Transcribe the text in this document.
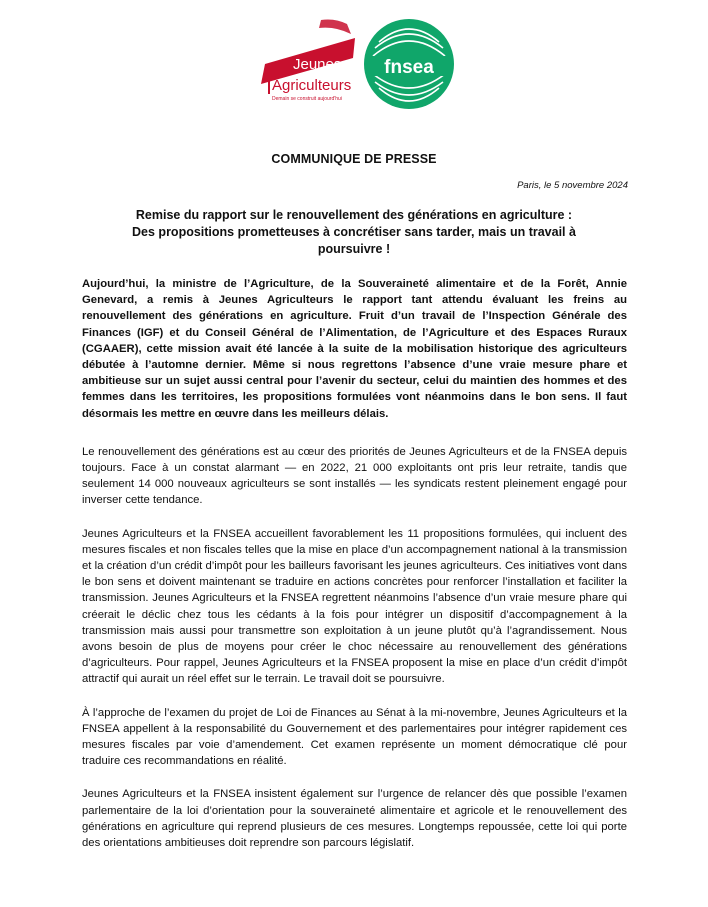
Jeunes
Agriculteurs
Demain se construit aujourd'hui
fnsea
COMMUNIQUE DE PRESSE
Paris, le 5 novembre 2024
Remise du rapport sur le renouvellement des générations en agriculture :
Des propositions prometteuses à concrétiser sans tarder, mais un travail à poursuivre !

Aujourd’hui, la ministre de l’Agriculture, de la Souveraineté alimentaire et de la Forêt, Annie Genevard, a remis à Jeunes Agriculteurs le rapport tant attendu évaluant les freins au renouvellement des générations en agriculture. Fruit d’un travail de l’Inspection Générale des Finances (IGF) et du Conseil Général de l’Alimentation, de l’Agriculture et des Espaces Ruraux (CGAAER), cette mission avait été lancée à la suite de la mobilisation historique des agriculteurs débutée à l’automne dernier. Même si nous regrettons l’absence d’une vraie mesure phare et ambitieuse sur un sujet aussi central pour l’avenir du secteur, celui du maintien des hommes et des femmes dans les territoires, les propositions formulées vont néanmoins dans le bon sens. Il faut désormais les mettre en œuvre dans les meilleurs délais.

Le renouvellement des générations est au cœur des priorités de Jeunes Agriculteurs et de la FNSEA depuis toujours. Face à un constat alarmant — en 2022, 21 000 exploitants ont pris leur retraite, tandis que seulement 14 000 nouveaux agriculteurs se sont installés — les syndicats restent pleinement engagé pour inverser cette tendance.

Jeunes Agriculteurs et la FNSEA accueillent favorablement les 11 propositions formulées, qui incluent des mesures fiscales et non fiscales telles que la mise en place d’un accompagnement national à la transmission et la création d’un crédit d’impôt pour les bailleurs favorisant les jeunes agriculteurs. Ces initiatives vont dans le bon sens et doivent maintenant se traduire en actions concrètes pour renforcer l’installation et faciliter la transmission. Jeunes Agriculteurs et la FNSEA regrettent néanmoins l’absence d’un vraie mesure phare qui créerait le déclic chez tous les cédants à la fois pour intégrer un dispositif d’accompagnement à la transmission mais aussi pour transmettre son exploitation à un jeune plutôt qu’à l’agrandissement. Nous avons besoin de plus de moyens pour créer le choc nécessaire au renouvellement des générations d’agriculteurs. Pour rappel, Jeunes Agriculteurs et la FNSEA proposent la mise en place d’un crédit d’impôt attractif qui aurait un réel effet sur le terrain. Le travail doit se poursuivre.

À l’approche de l’examen du projet de Loi de Finances au Sénat à la mi-novembre, Jeunes Agriculteurs et la FNSEA appellent à la responsabilité du Gouvernement et des parlementaires pour intégrer rapidement ces mesures fiscales par voie d’amendement. Cet examen représente un moment démocratique clé pour traduire ces recommandations en réalité.

Jeunes Agriculteurs et la FNSEA insistent également sur l’urgence de relancer dès que possible l’examen parlementaire de la loi d’orientation pour la souveraineté alimentaire et agricole et le renouvellement des générations en agriculture qui reprend plusieurs de ces mesures. Longtemps repoussée, cette loi qui porte des orientations ambitieuses doit reprendre son parcours législatif.
